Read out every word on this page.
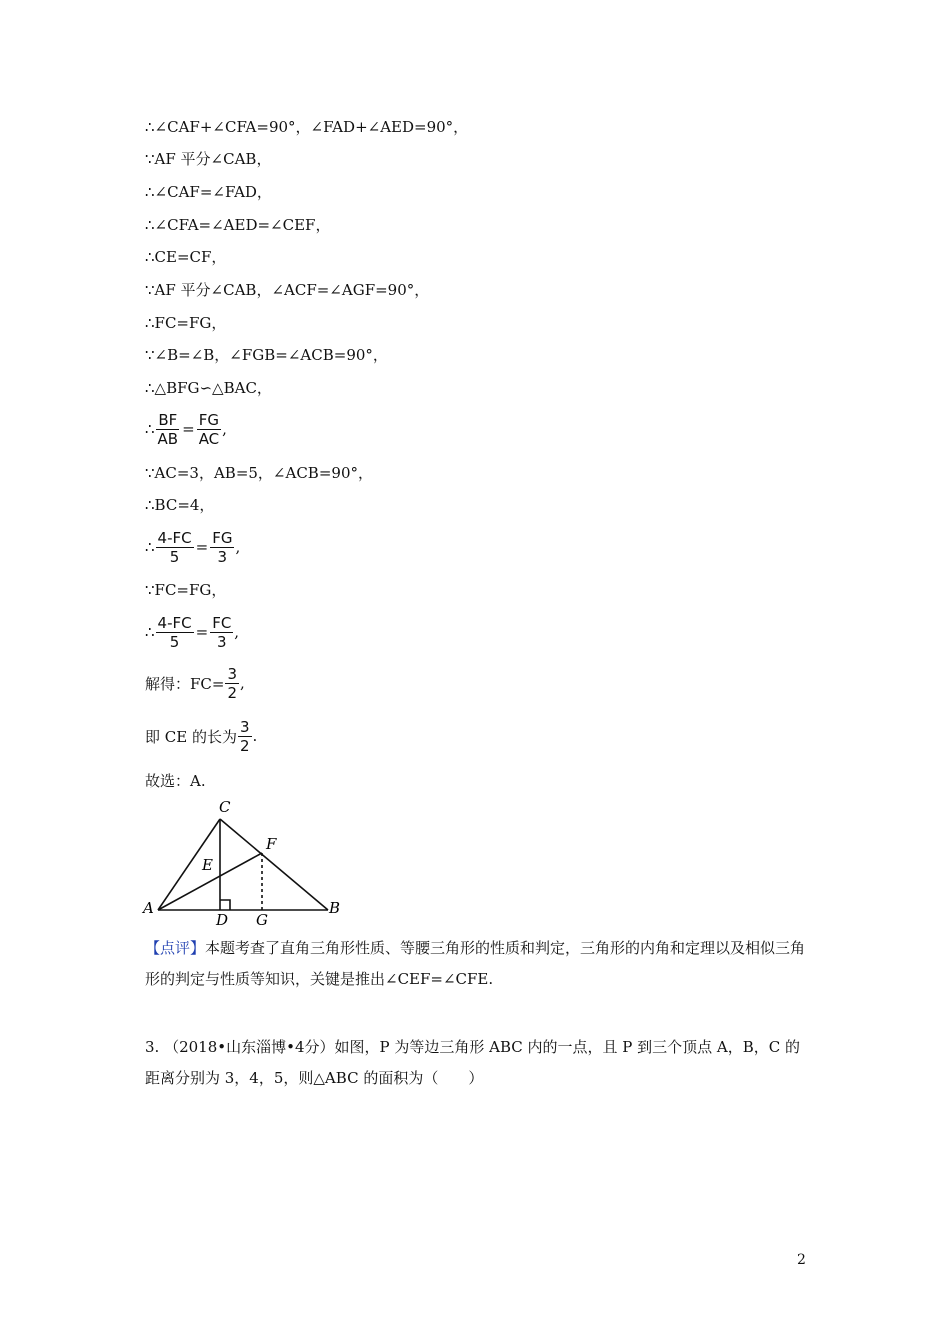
∴∠CAF+∠CFA=90°，∠FAD+∠AED=90°，
∵AF 平分∠CAB，
∴∠CAF=∠FAD，
∴∠CFA=∠AED=∠CEF，
∴CE=CF，
∵AF 平分∠CAB，∠ACF=∠AGF=90°，
∴FC=FG，
∵∠B=∠B，∠FGB=∠ACB=90°，
∴△BFG∽△BAC，
∴ $\frac{BF}{AB} = \frac{FG}{AC}$ ,
∵AC=3，AB=5，∠ACB=90°，
∴BC=4，
∴ $\frac{4-FC}{5} = \frac{FG}{3}$ ,
∵FC=FG，
∴ $\frac{4-FC}{5} = \frac{FC}{3}$ ,
解得：$FC= \frac{3}{2}$ ,
即 CE 的长为 $\frac{3}{2}$ .
故选：A.
C
F
E
A
D G
B
【点评】本题考查了直角三角形性质、等腰三角形的性质和判定，三角形的内角和定理以及相似三角形的判定与性质等知识，关键是推出∠CEF=∠CFE.
3. （2018•山东淄博•4分）如图，P 为等边三角形 ABC 内的一点，且 P 到三个顶点 A，B，C 的距离分别为 3，4，5，则△ABC 的面积为（　　）
2
